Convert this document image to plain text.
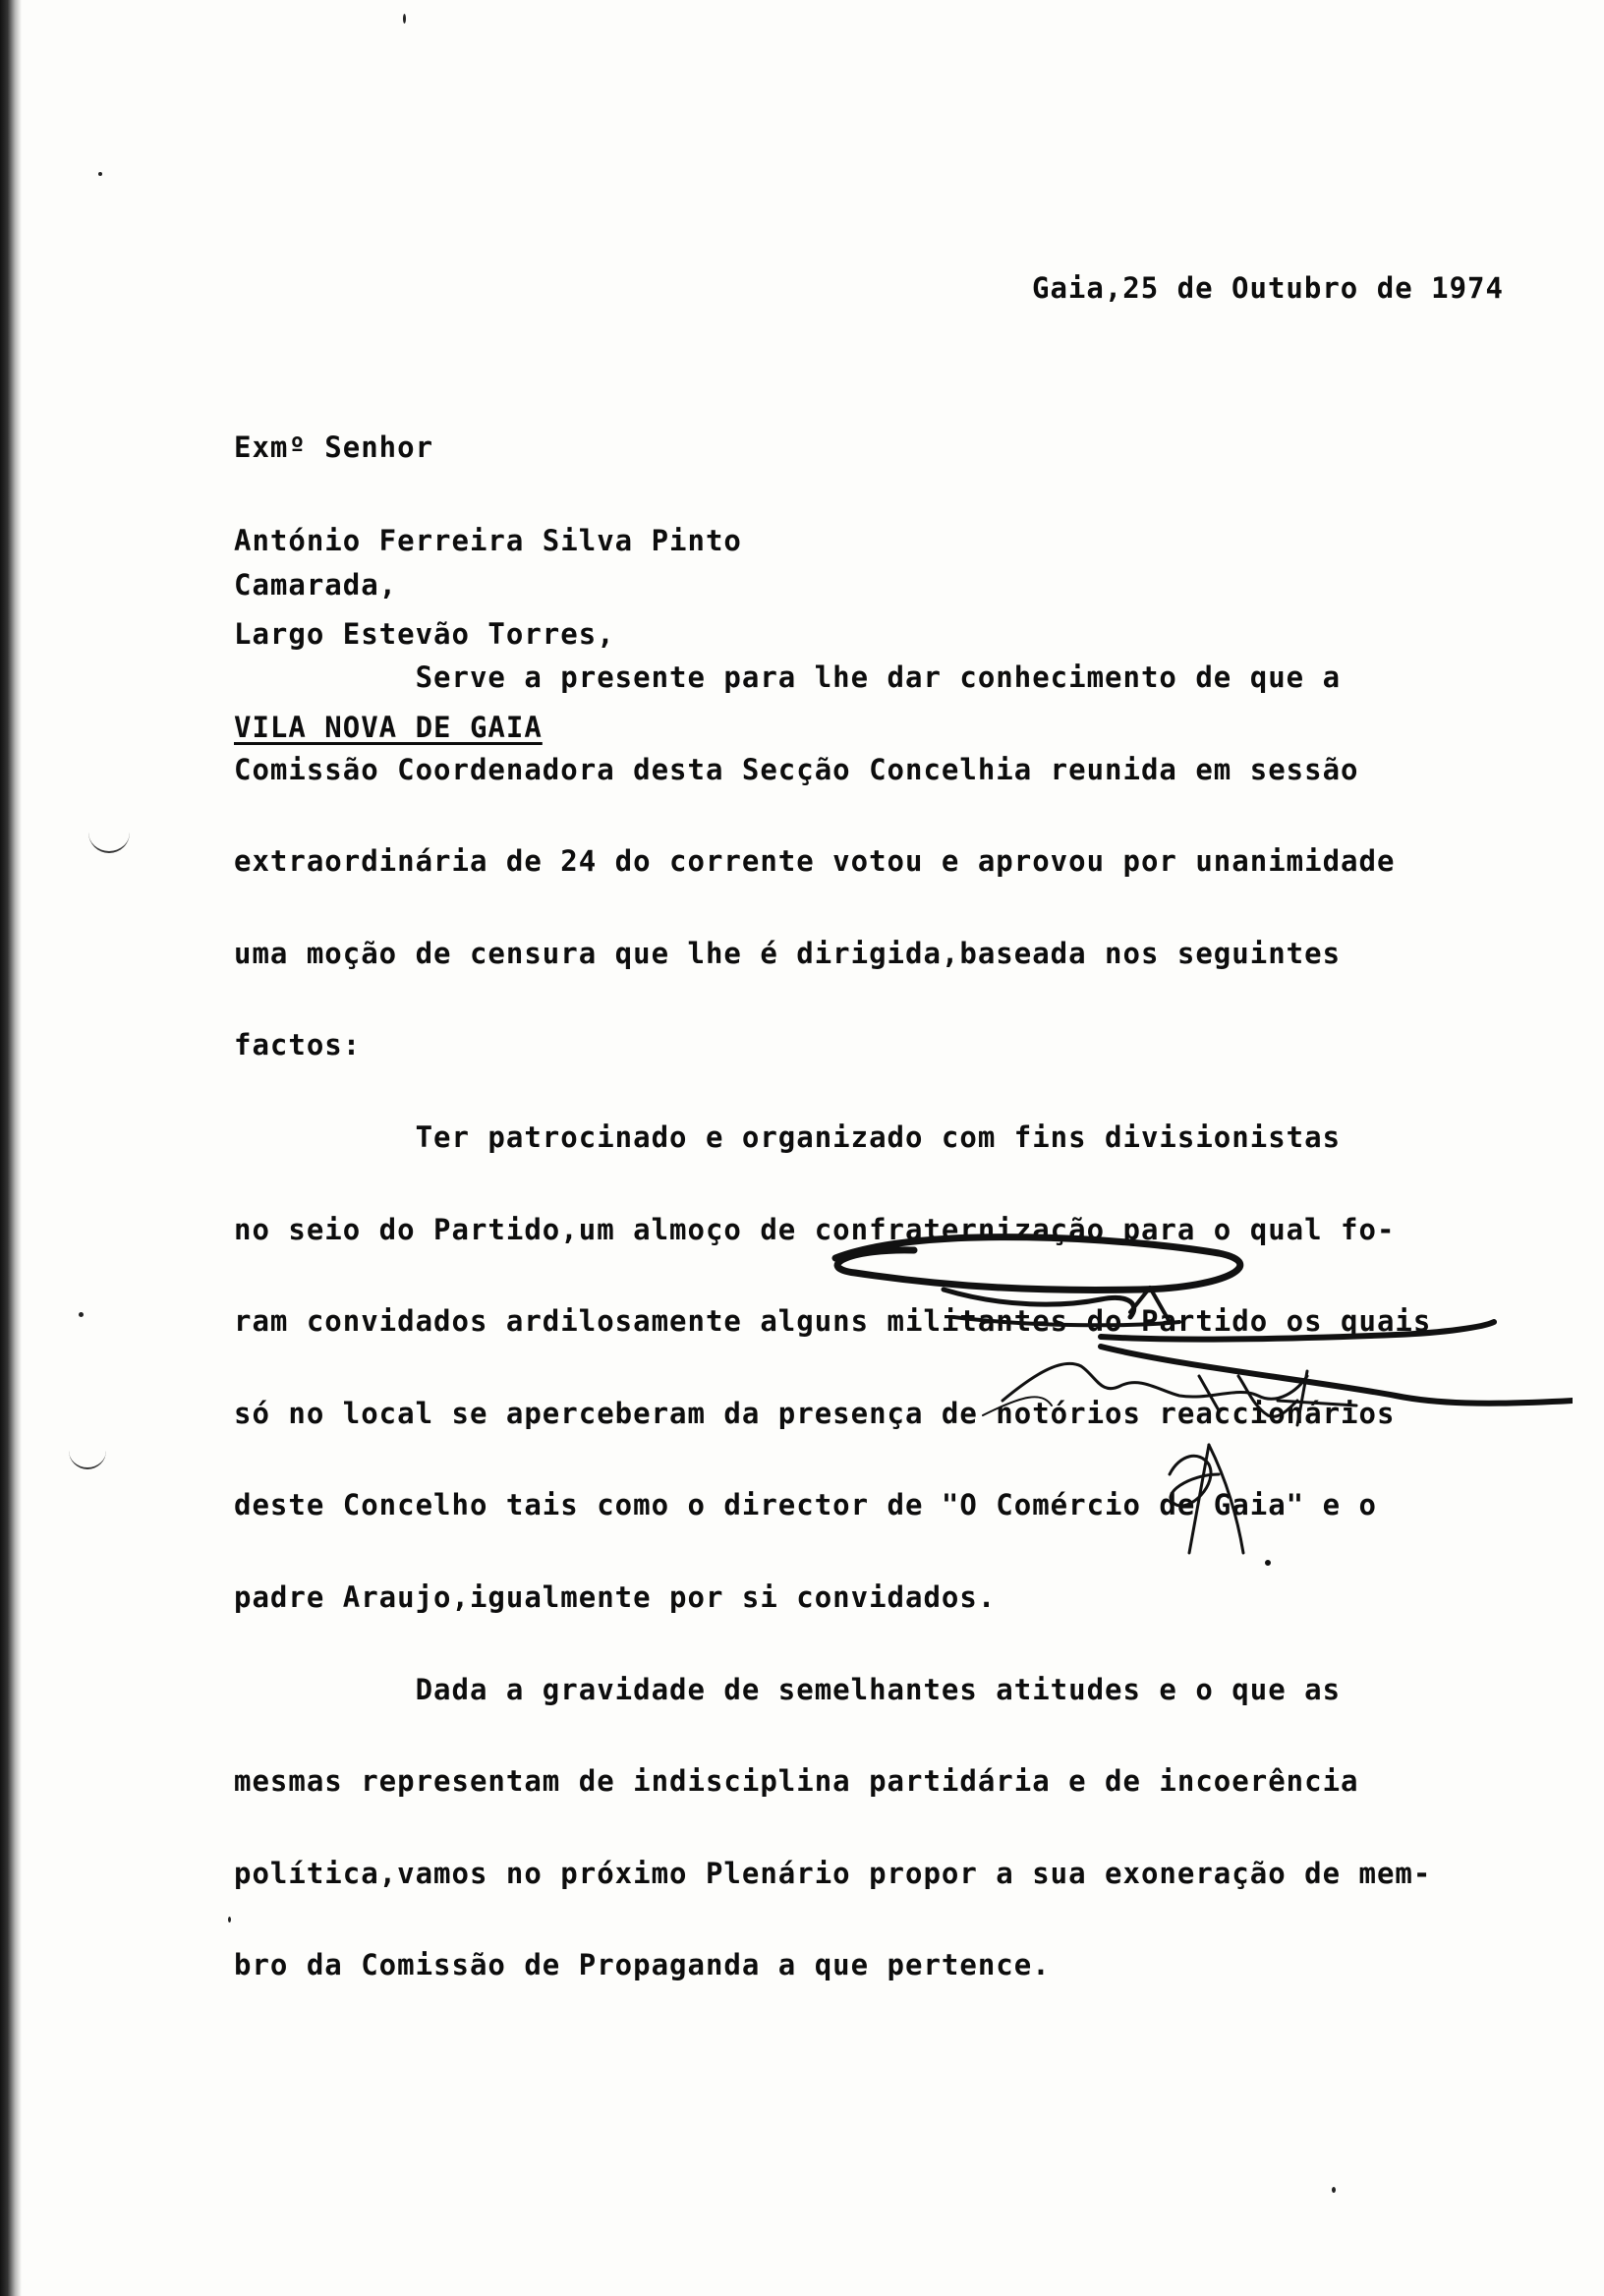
Gaia,25 de Outubro de 1974

Exmº Senhor

António Ferreira Silva Pinto

Largo Estevão Torres,

VILA NOVA DE GAIA

Camarada,

Serve a presente para lhe dar conhecimento de que a

Comissão Coordenadora desta Secção Concelhia reunida em sessão

extraordinária de 24 do corrente votou e aprovou por unanimidade

uma moção de censura que lhe é dirigida,baseada nos seguintes

factos:

Ter patrocinado e organizado com fins divisionistas

no seio do Partido,um almoço de confraternização para o qual fo-

ram convidados ardilosamente alguns militantes do Partido os quais

só no local se aperceberam da presença de notórios reaccionários

deste Concelho tais como o director de "O Comércio de Gaia" e o

padre Araujo,igualmente por si convidados.

Dada a gravidade de semelhantes atitudes e o que as

mesmas representam de indisciplina partidária e de incoerência

política,vamos no próximo Plenário propor a sua exoneração de mem-

bro da Comissão de Propaganda a que pertence.
